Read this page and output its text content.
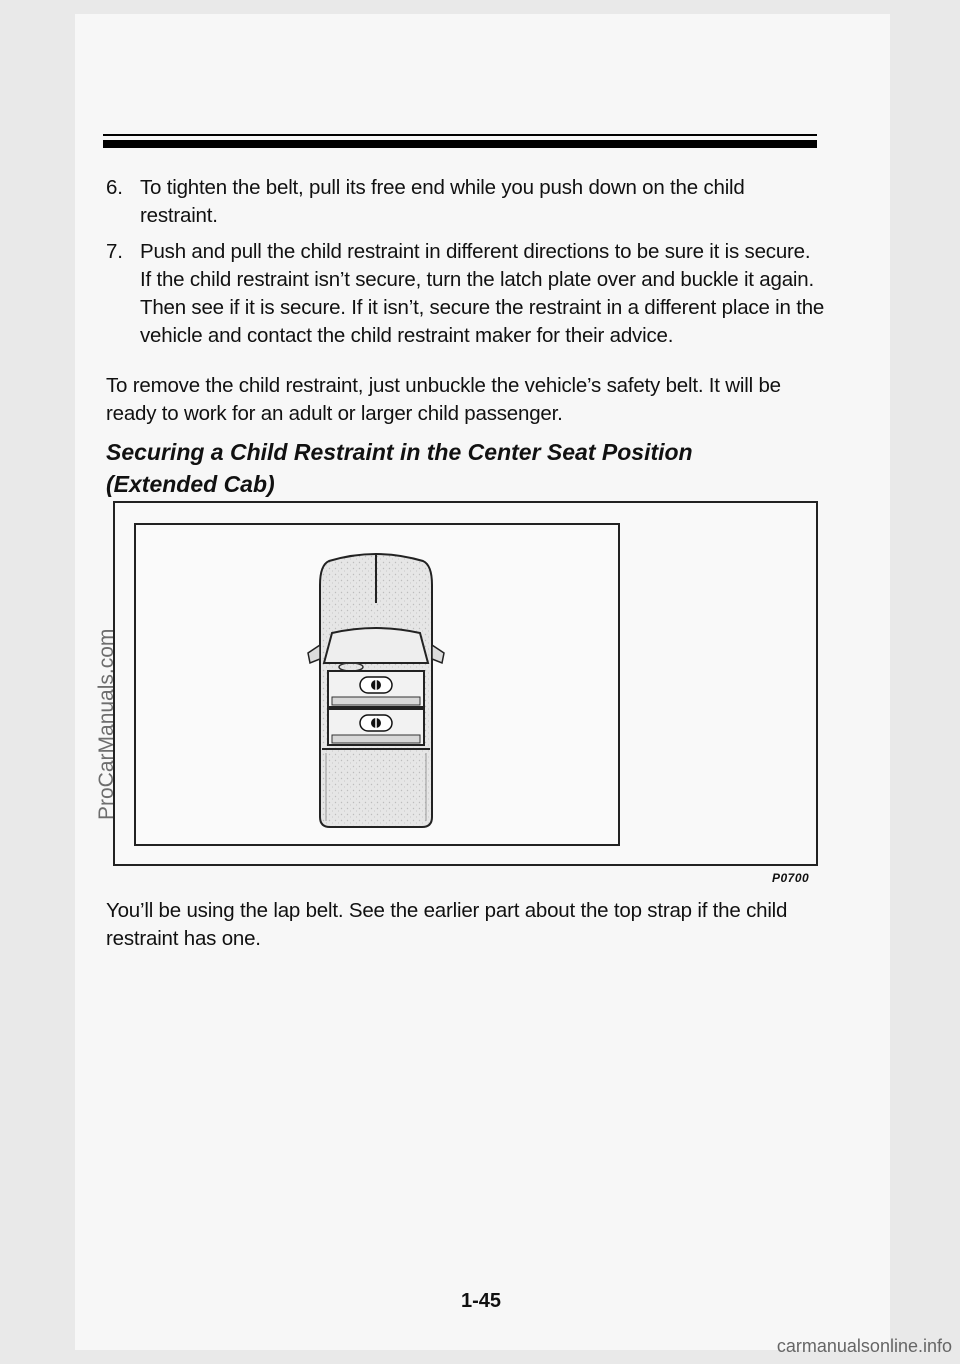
6. To tighten the belt, pull its free end while you push down on the child restraint.
7. Push and pull the child restraint in different directions to be sure it is secure. If the child restraint isn’t secure, turn the latch plate over and buckle it again. Then see if it is secure. If it isn’t, secure the restraint in a different place in the vehicle and contact the child restraint maker for their advice.

To remove the child restraint, just unbuckle the vehicle’s safety belt. It will be ready to work for an adult or larger child passenger.

Securing a Child Restraint in the Center Seat Position
(Extended Cab)
P0700

You’ll be using the lap belt. See the earlier part about the top strap if the child restraint has one.

1-45
ProCarManuals.com
carmanualsonline.info
